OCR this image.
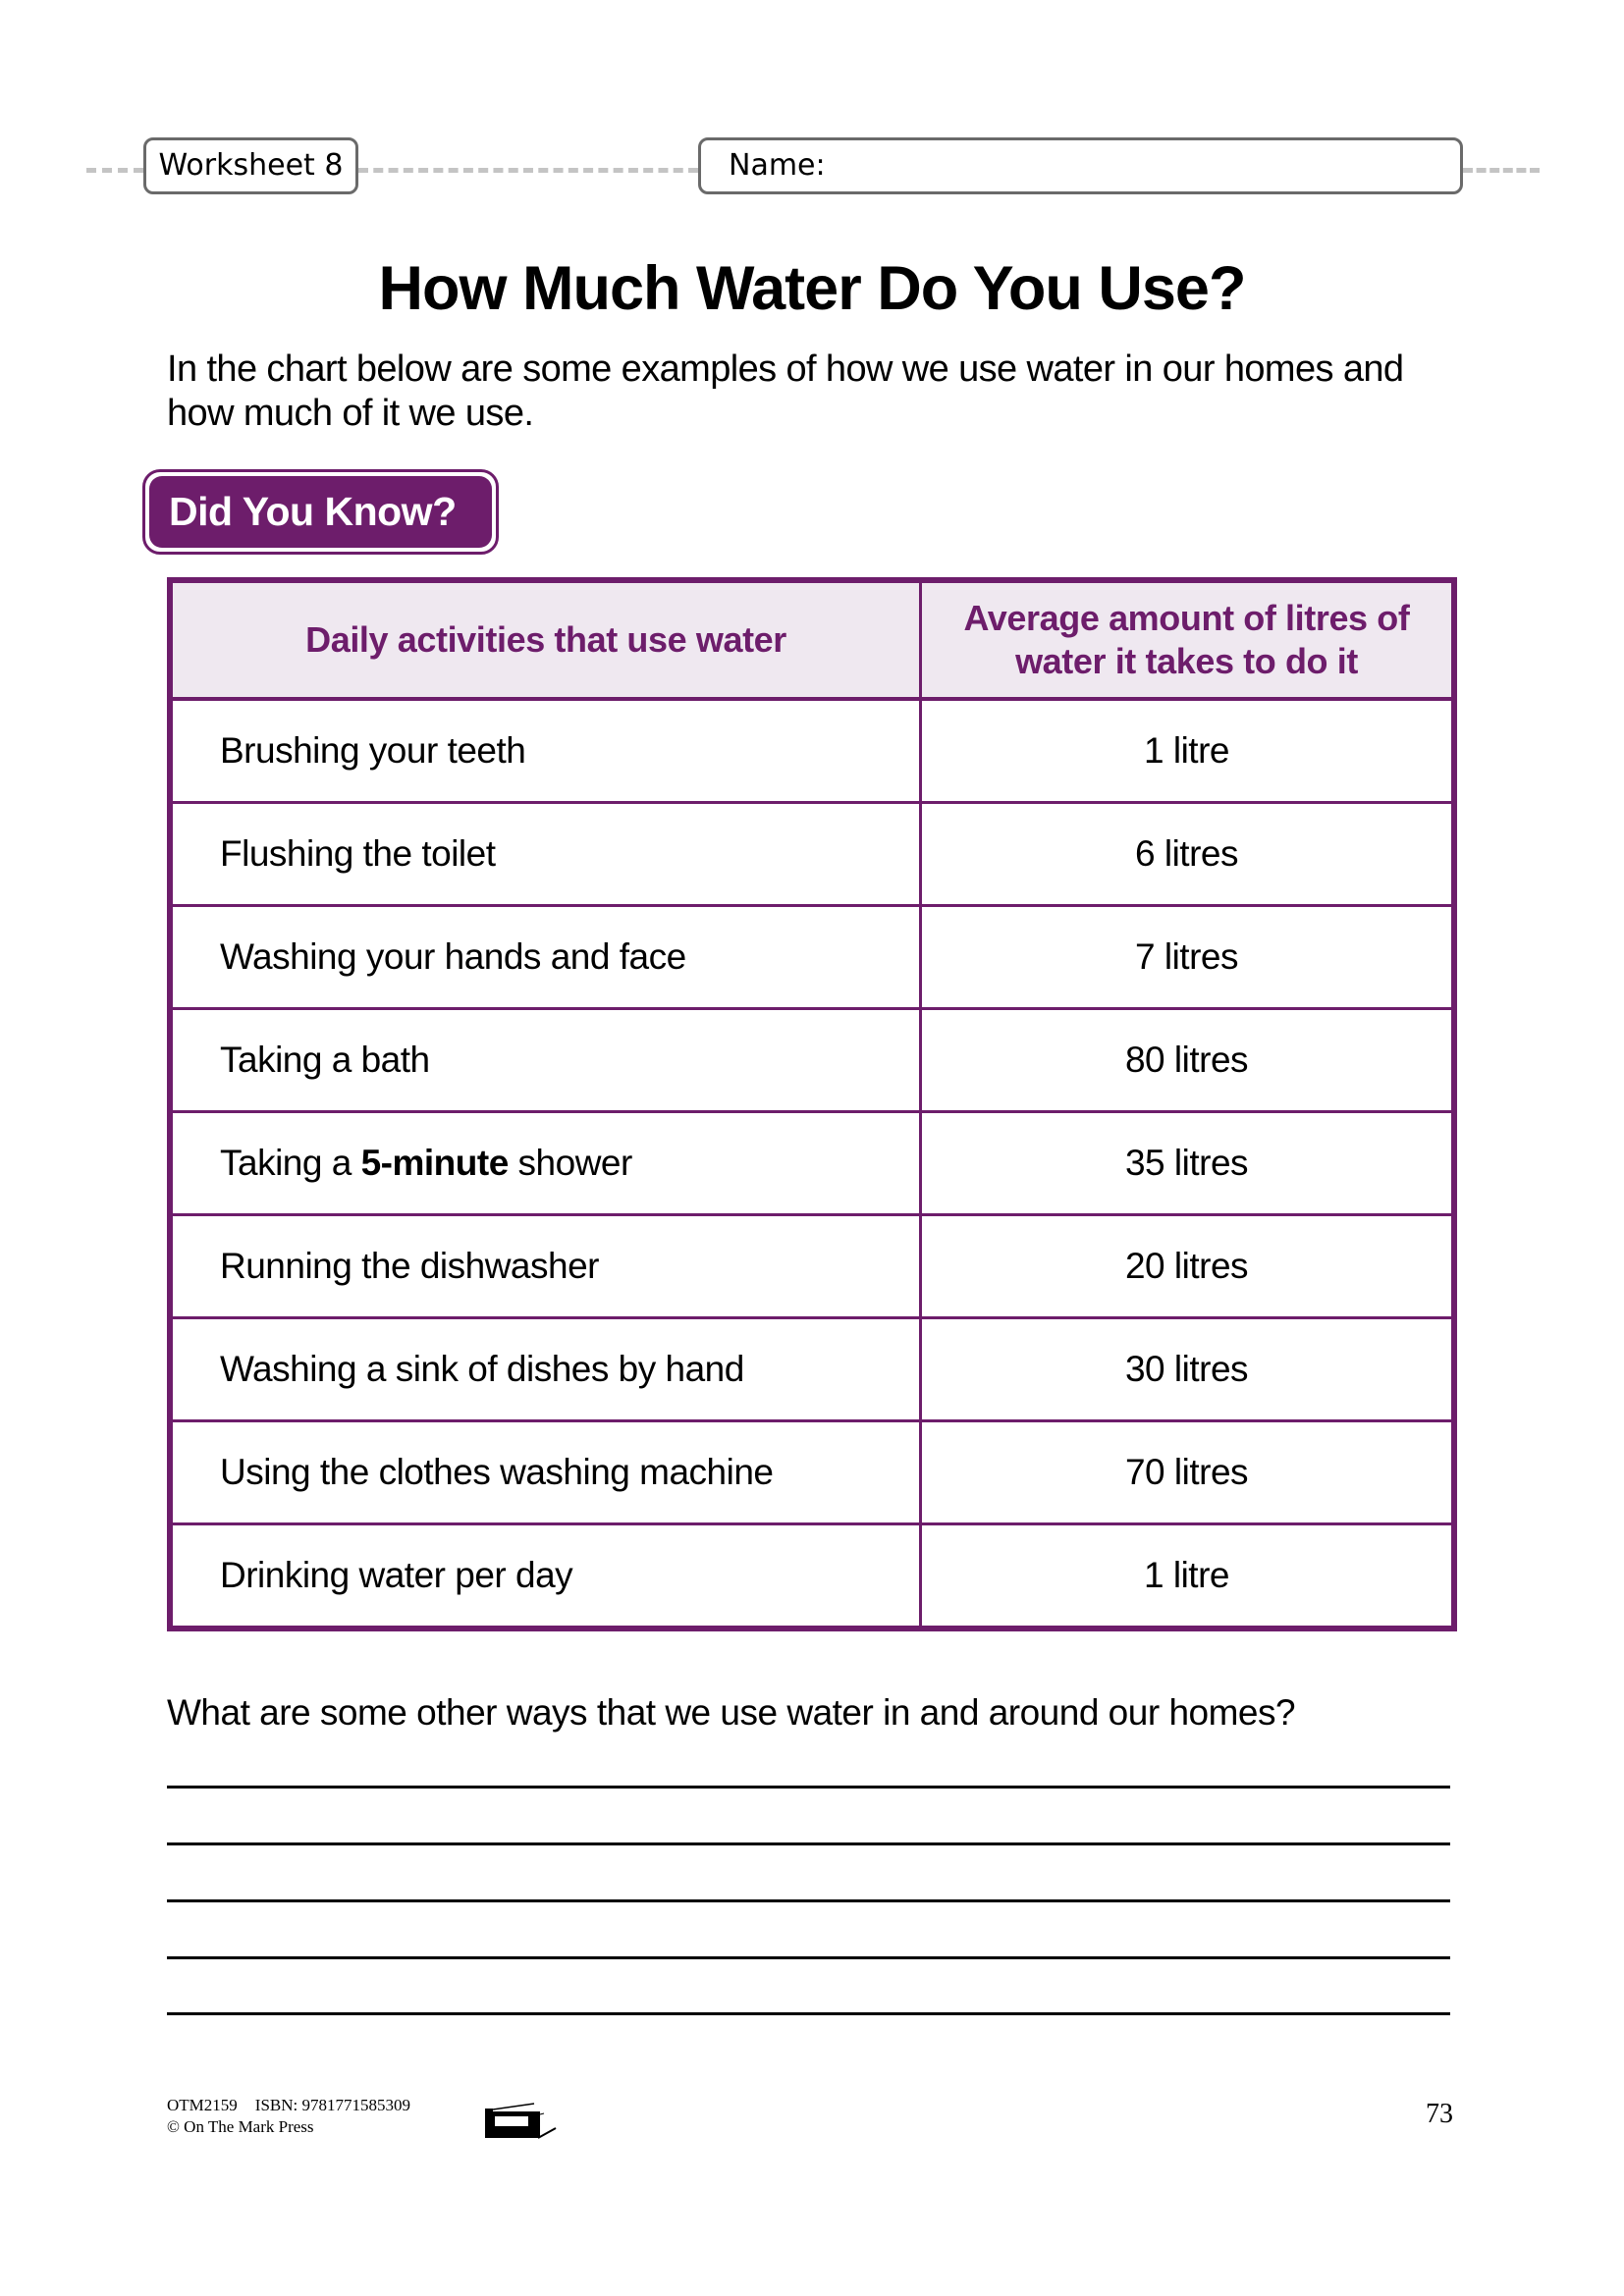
Worksheet 8	Name:
How Much Water Do You Use?
In the chart below are some examples of how we use water in our homes and how much of it we use.
Did You Know?
Daily activities that use water	Average amount of litres of water it takes to do it
Brushing your teeth	1 litre
Flushing the toilet	6 litres
Washing your hands and face	7 litres
Taking a bath	80 litres
Taking a 5-minute shower	35 litres
Running the dishwasher	20 litres
Washing a sink of dishes by hand	30 litres
Using the clothes washing machine	70 litres
Drinking water per day	1 litre
What are some other ways that we use water in and around our homes?
OTM2159 ISBN: 9781771585309
© On The Mark Press	73
